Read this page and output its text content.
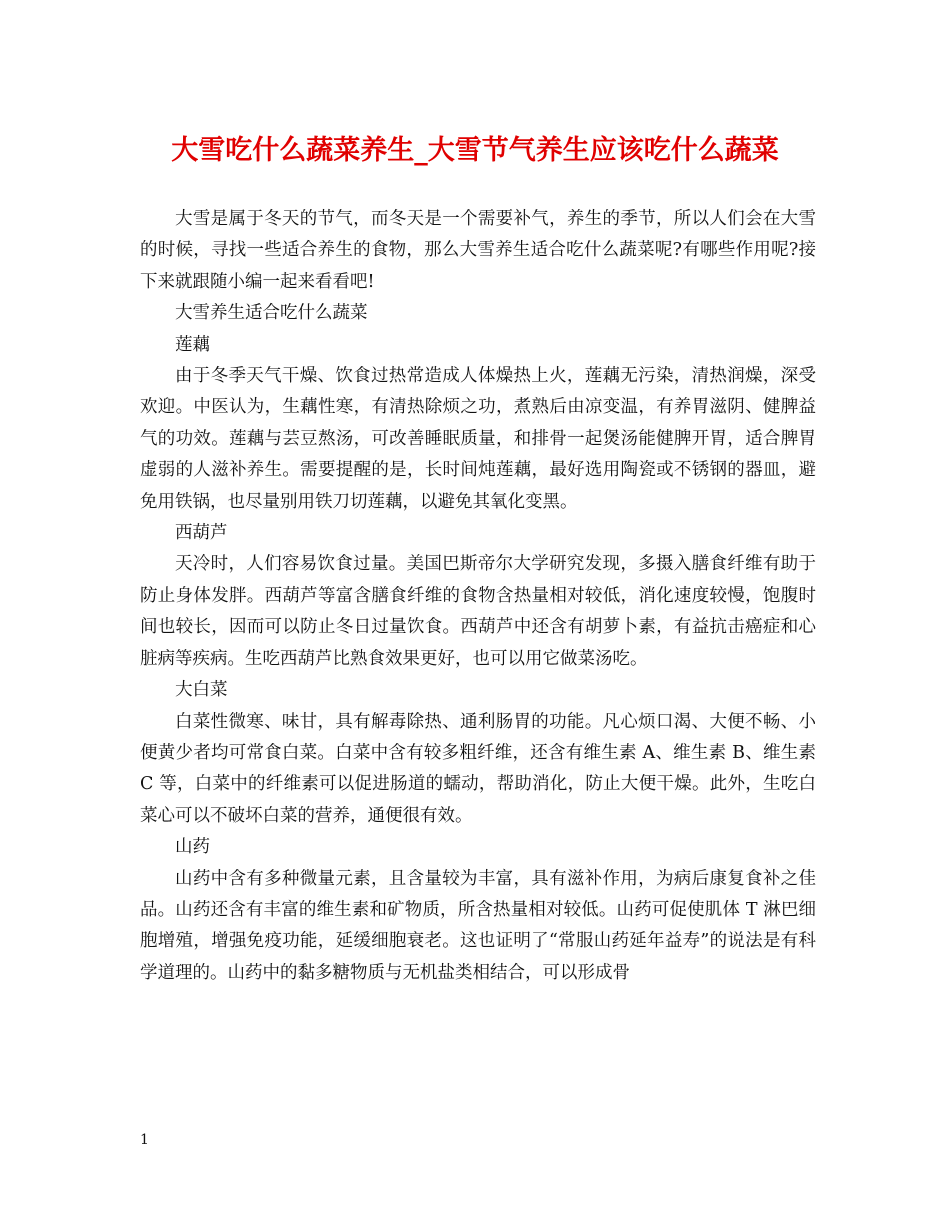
大雪吃什么蔬菜养生_大雪节气养生应该吃什么蔬菜

大雪是属于冬天的节气，而冬天是一个需要补气，养生的季节，所以人们会在大雪的时候，寻找一些适合养生的食物，那么大雪养生适合吃什么蔬菜呢?有哪些作用呢?接下来就跟随小编一起来看看吧!

大雪养生适合吃什么蔬菜

莲藕

由于冬季天气干燥、饮食过热常造成人体燥热上火，莲藕无污染，清热润燥，深受欢迎。中医认为，生藕性寒，有清热除烦之功，煮熟后由凉变温，有养胃滋阴、健脾益气的功效。莲藕与芸豆熬汤，可改善睡眠质量，和排骨一起煲汤能健脾开胃，适合脾胃虚弱的人滋补养生。需要提醒的是，长时间炖莲藕，最好选用陶瓷或不锈钢的器皿，避免用铁锅，也尽量别用铁刀切莲藕，以避免其氧化变黑。

西葫芦

天冷时，人们容易饮食过量。美国巴斯帝尔大学研究发现，多摄入膳食纤维有助于防止身体发胖。西葫芦等富含膳食纤维的食物含热量相对较低，消化速度较慢，饱腹时间也较长，因而可以防止冬日过量饮食。西葫芦中还含有胡萝卜素，有益抗击癌症和心脏病等疾病。生吃西葫芦比熟食效果更好，也可以用它做菜汤吃。

大白菜

白菜性微寒、味甘，具有解毒除热、通利肠胃的功能。凡心烦口渴、大便不畅、小便黄少者均可常食白菜。白菜中含有较多粗纤维，还含有维生素 A、维生素 B、维生素 C 等，白菜中的纤维素可以促进肠道的蠕动，帮助消化，防止大便干燥。此外，生吃白菜心可以不破坏白菜的营养，通便很有效。

山药

山药中含有多种微量元素，且含量较为丰富，具有滋补作用，为病后康复食补之佳品。山药还含有丰富的维生素和矿物质，所含热量相对较低。山药可促使肌体 T 淋巴细胞增殖，增强免疫功能，延缓细胞衰老。这也证明了“常服山药延年益寿”的说法是有科学道理的。山药中的黏多糖物质与无机盐类相结合，可以形成骨

1
